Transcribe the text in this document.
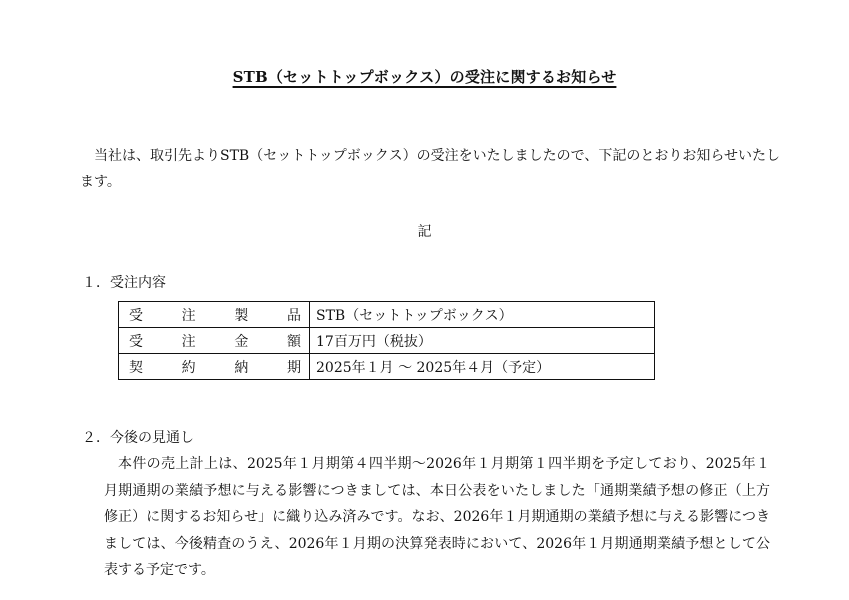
STB（セットトップボックス）の受注に関するお知らせ
当社は、取引先よりSTB（セットトップボックス）の受注をいたしましたので、下記のとおりお知らせいたします。
記
１．受注内容
受注製品	STB（セットトップボックス）
受注金額	17百万円（税抜）
契約納期	2025年１月 ～ 2025年４月（予定）
２．今後の見通し
本件の売上計上は、2025年１月期第４四半期～2026年１月期第１四半期を予定しており、2025年１月期通期の業績予想に与える影響につきましては、本日公表をいたしました「通期業績予想の修正（上方修正）に関するお知らせ」に織り込み済みです。なお、2026年１月期通期の業績予想に与える影響につきましては、今後精査のうえ、2026年１月期の決算発表時において、2026年１月期通期業績予想として公表する予定です。
